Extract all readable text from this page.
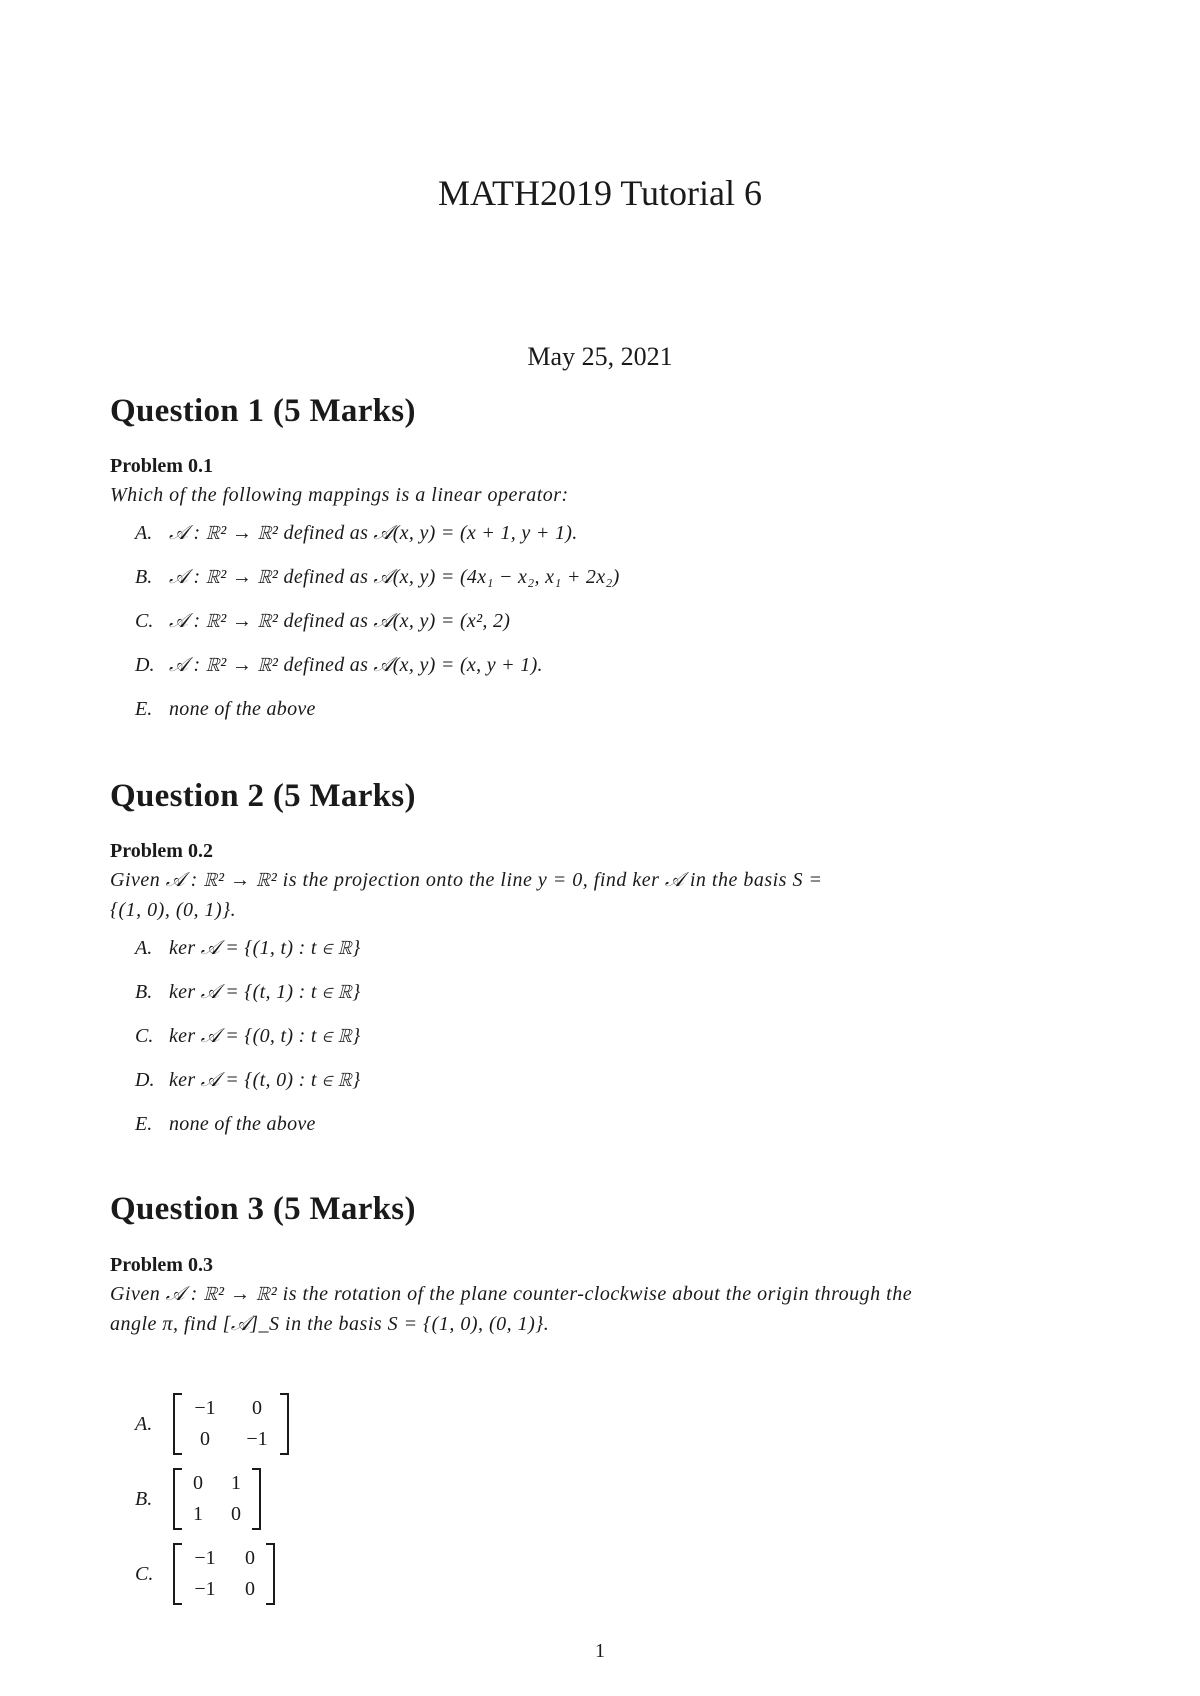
MATH2019 Tutorial 6
May 25, 2021
Question 1 (5 Marks)
Problem 0.1
Which of the following mappings is a linear operator:
A. 𝒜 : ℝ² → ℝ² defined as 𝒜(x, y) = (x + 1, y + 1).
B. 𝒜 : ℝ² → ℝ² defined as 𝒜(x, y) = (4x₁ − x₂, x₁ + 2x₂)
C. 𝒜 : ℝ² → ℝ² defined as 𝒜(x, y) = (x², 2)
D. 𝒜 : ℝ² → ℝ² defined as 𝒜(x, y) = (x, y + 1).
E. none of the above
Question 2 (5 Marks)
Problem 0.2
Given 𝒜 : ℝ² → ℝ² is the projection onto the line y = 0, find ker 𝒜 in the basis S =
{(1, 0), (0, 1)}.
A. ker 𝒜 = {(1, t) : t ∈ ℝ}
B. ker 𝒜 = {(t, 1) : t ∈ ℝ}
C. ker 𝒜 = {(0, t) : t ∈ ℝ}
D. ker 𝒜 = {(t, 0) : t ∈ ℝ}
E. none of the above
Question 3 (5 Marks)
Problem 0.3
Given 𝒜 : ℝ² → ℝ² is the rotation of the plane counter-clockwise about the origin through the
angle π, find [𝒜]_S in the basis S = {(1, 0), (0, 1)}.
A.
−1	0
0	−1
B.
0 1
1 0
C.
−1 0
−1 0
1
